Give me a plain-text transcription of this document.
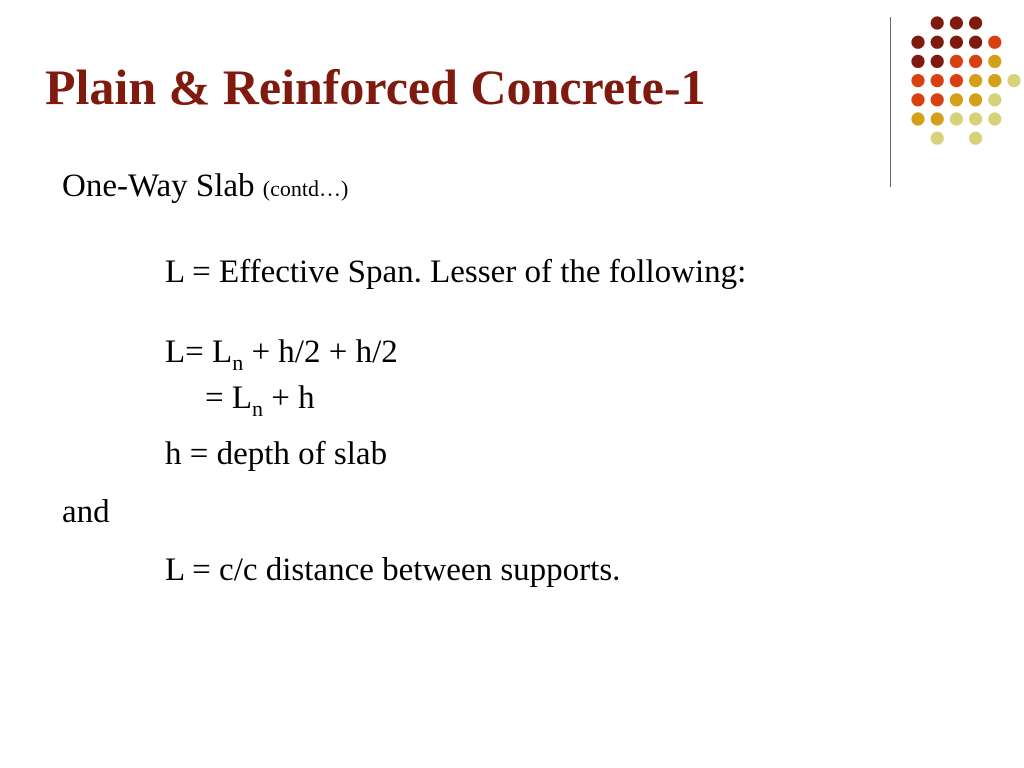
Plain & Reinforced Concrete-1
One-Way Slab (contd…)
L = Effective Span. Lesser of the following:
$L= L_n + h/2 + h/2$
= $L_n + h$
h = depth of slab
and
L = c/c distance between supports.
